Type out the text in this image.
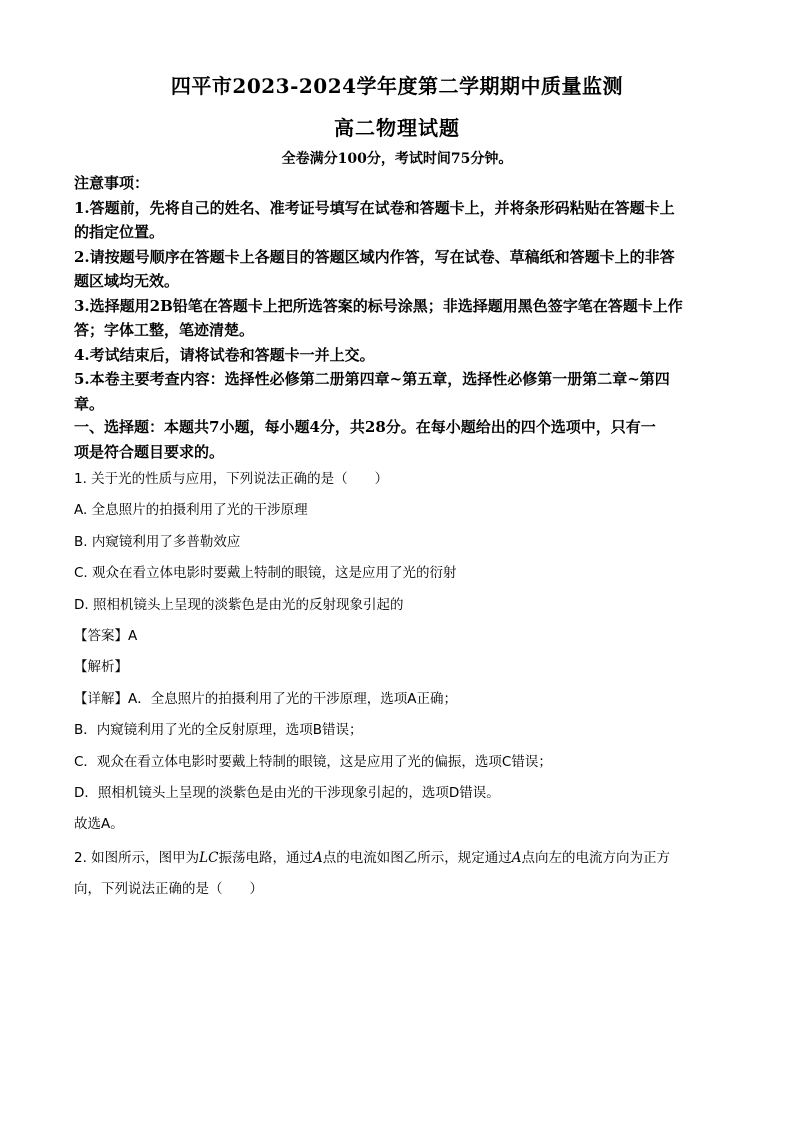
四平市2023-2024学年度第二学期期中质量监测
高二物理试题
全卷满分100分，考试时间75分钟。
注意事项：
1.答题前，先将自己的姓名、准考证号填写在试卷和答题卡上，并将条形码粘贴在答题卡上
的指定位置。
2.请按题号顺序在答题卡上各题目的答题区域内作答，写在试卷、草稿纸和答题卡上的非答
题区域均无效。
3.选择题用2B铅笔在答题卡上把所选答案的标号涂黑；非选择题用黑色签字笔在答题卡上作
答；字体工整，笔迹清楚。
4.考试结束后，请将试卷和答题卡一并上交。
5.本卷主要考查内容：选择性必修第二册第四章~第五章，选择性必修第一册第二章~第四
章。
一、选择题：本题共7小题，每小题4分，共28分。在每小题给出的四个选项中，只有一
项是符合题目要求的。
1. 关于光的性质与应用，下列说法正确的是（　　）
A. 全息照片的拍摄利用了光的干涉原理
B. 内窥镜利用了多普勒效应
C. 观众在看立体电影时要戴上特制的眼镜，这是应用了光的衍射
D. 照相机镜头上呈现的淡紫色是由光的反射现象引起的
【答案】A
【解析】
【详解】A．全息照片的拍摄利用了光的干涉原理，选项A正确；
B．内窥镜利用了光的全反射原理，选项B错误；
C．观众在看立体电影时要戴上特制的眼镜，这是应用了光的偏振，选项C错误；
D．照相机镜头上呈现的淡紫色是由光的干涉现象引起的，选项D错误。
故选A。
2. 如图所示，图甲为LC振荡电路，通过A点的电流如图乙所示，规定通过A点向左的电流方向为正方
向，下列说法正确的是（　　）
